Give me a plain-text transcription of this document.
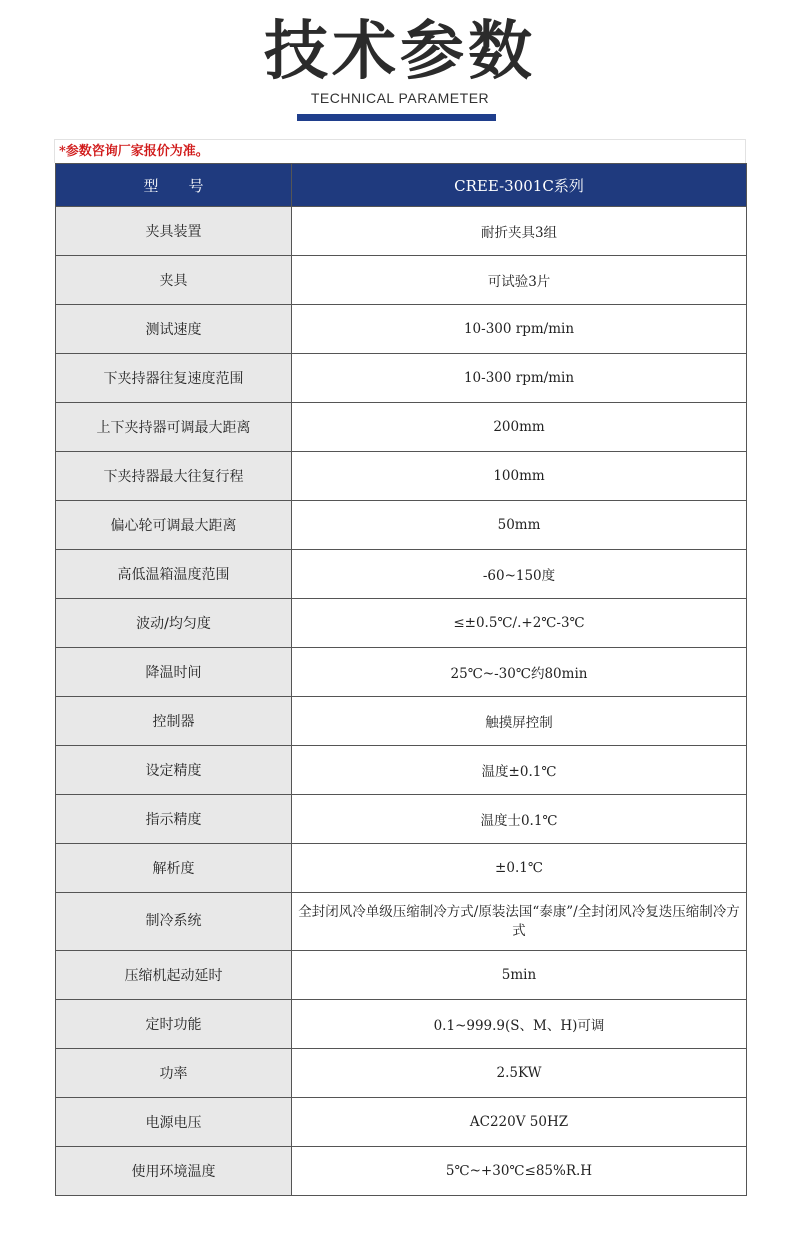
技术参数
TECHNICAL PARAMETER
*参数咨询厂家报价为准。
型　　号	CREE-3001C系列
夹具装置	耐折夹具3组
夹具	可试验3片
测试速度	10-300 rpm/min
下夹持器往复速度范围	10-300 rpm/min
上下夹持器可调最大距离	200mm
下夹持器最大往复行程	100mm
偏心轮可调最大距离	50mm
高低温箱温度范围	-60~150度
波动/均匀度	≤±0.5℃/.+2℃-3℃
降温时间	25℃~-30℃约80min
控制器	触摸屏控制
设定精度	温度±0.1℃
指示精度	温度士0.1℃
解析度	±0.1℃
制冷系统	全封闭风冷单级压缩制冷方式/原装法国“泰康”/全封闭风冷复迭压缩制冷方式
压缩机起动延时	5min
定时功能	0.1~999.9(S、M、H)可调
功率	2.5KW
电源电压	AC220V 50HZ
使用环境温度	5℃~+30℃≤85%R.H
